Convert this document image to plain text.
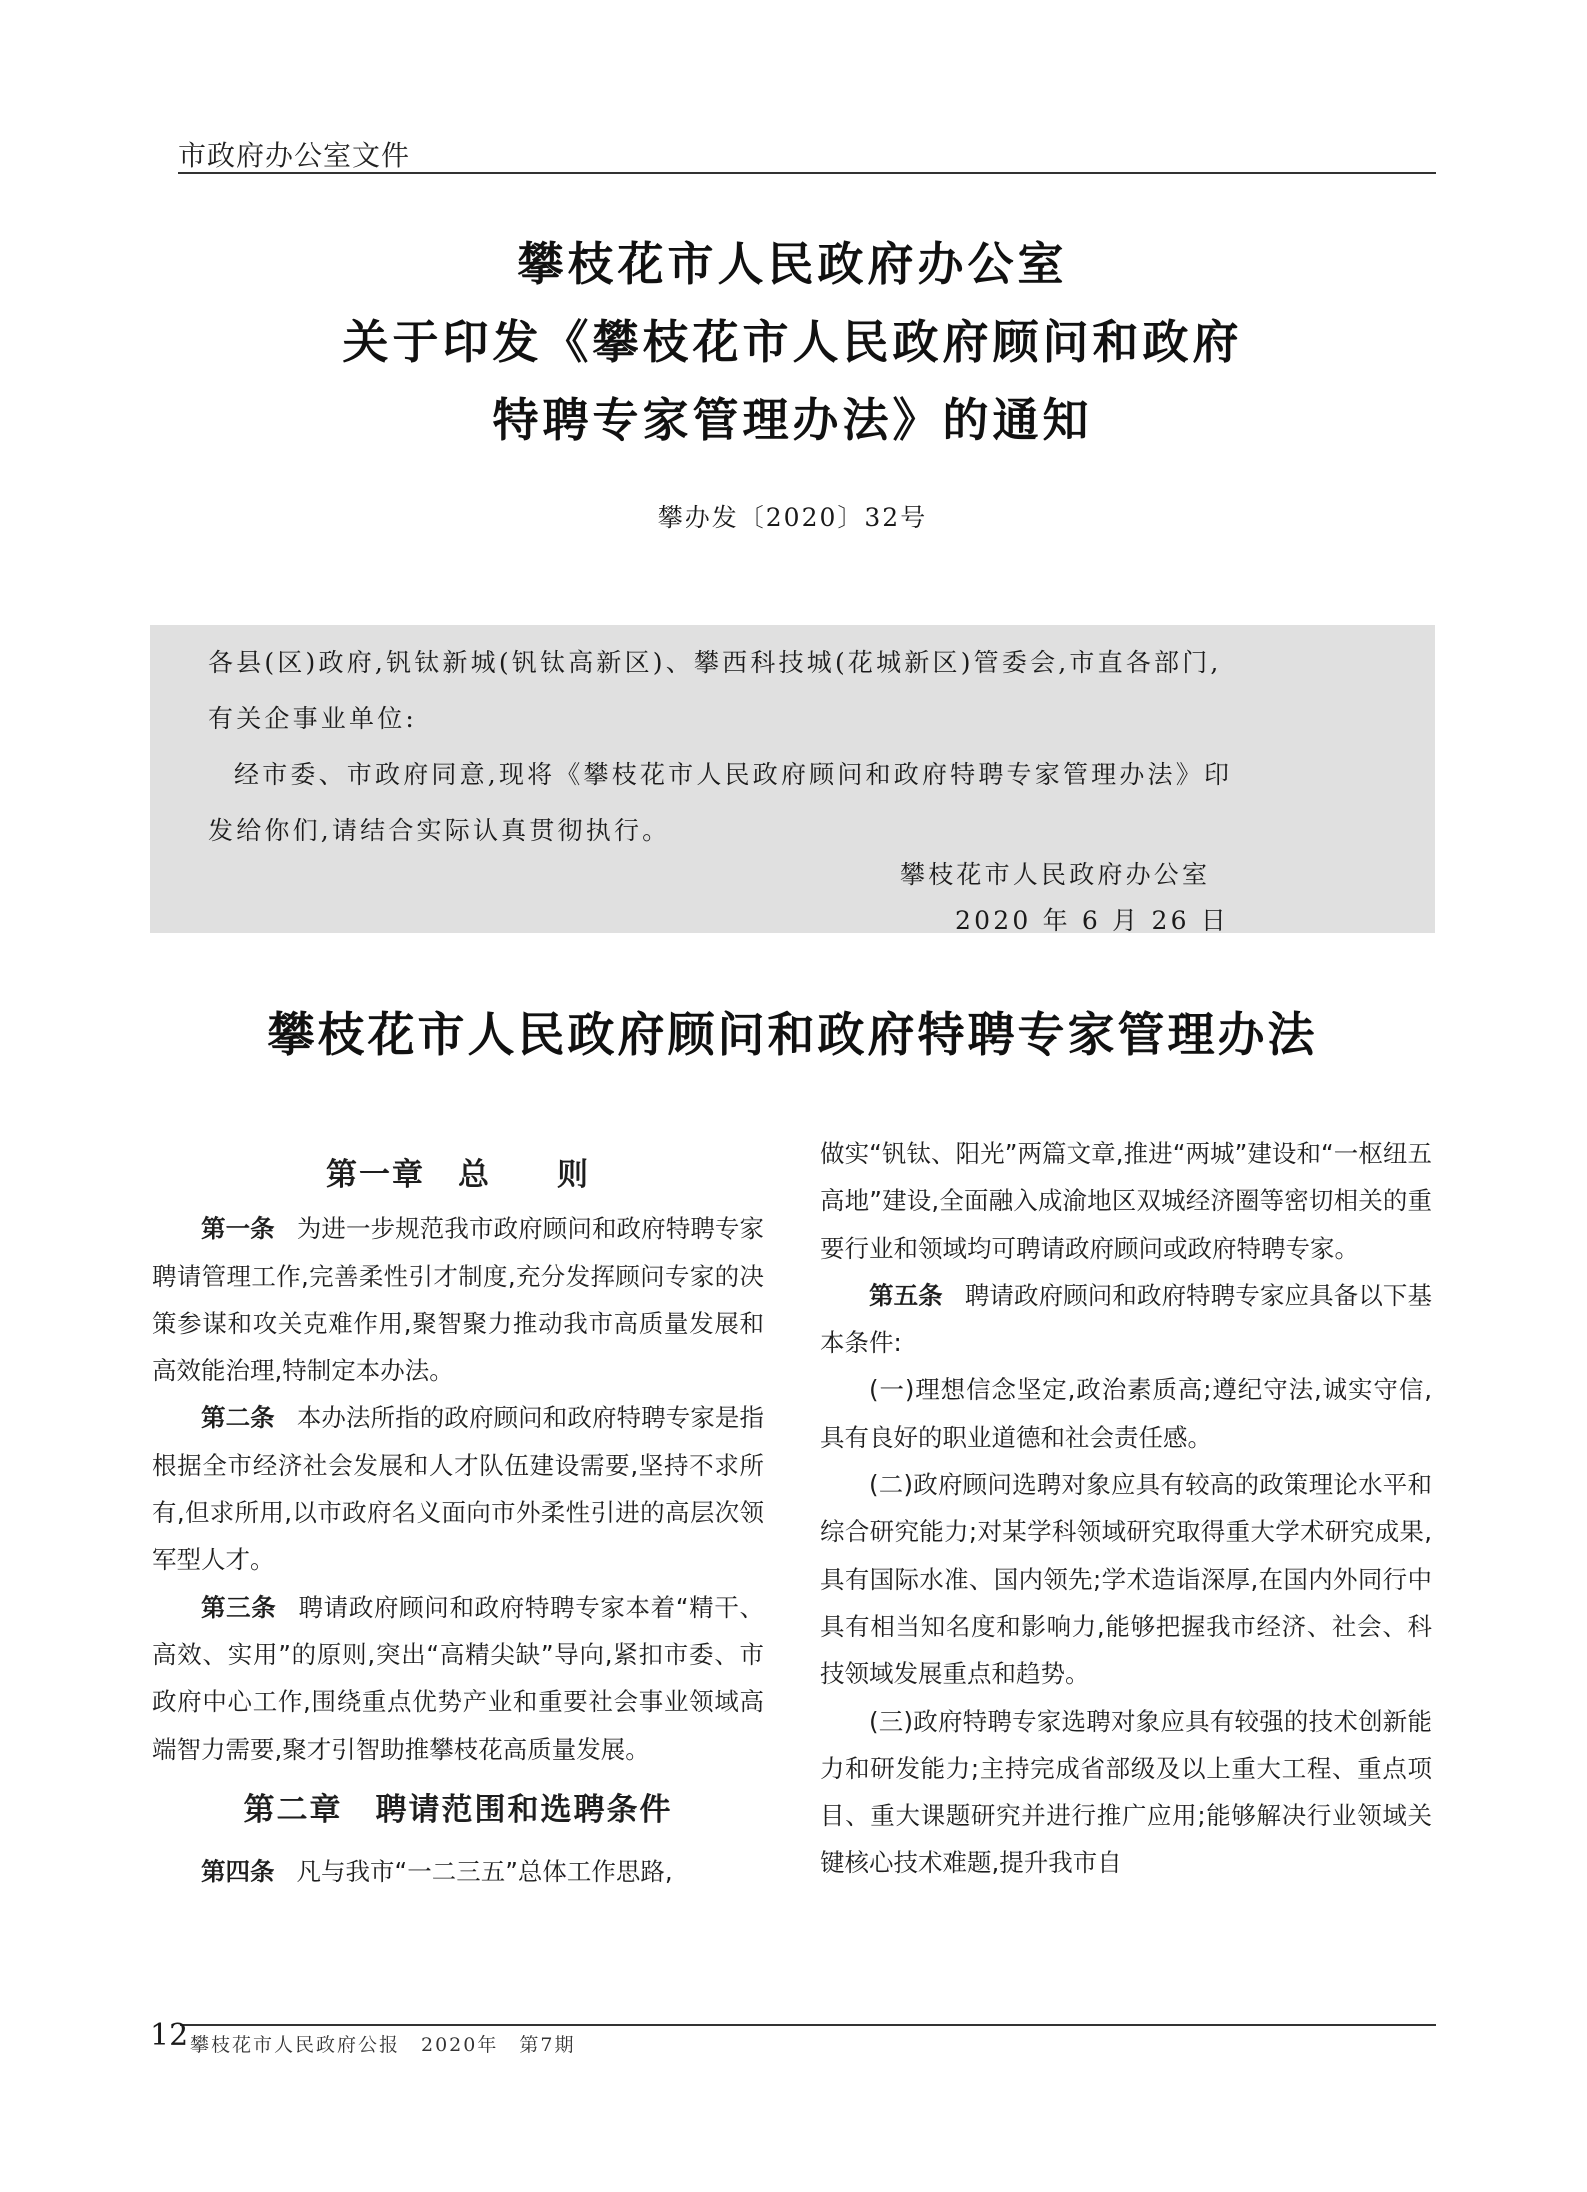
市政府办公室文件
攀枝花市人民政府办公室
关于印发《攀枝花市人民政府顾问和政府
特聘专家管理办法》的通知
攀办发〔2020〕32号

各县(区)政府,钒钛新城(钒钛高新区)、攀西科技城(花城新区)管委会,市直各部门,

有关企事业单位:

经市委、市政府同意,现将《攀枝花市人民政府顾问和政府特聘专家管理办法》印

发给你们,请结合实际认真贯彻执行。

攀枝花市人民政府办公室

2020 年 6 月 26 日

攀枝花市人民政府顾问和政府特聘专家管理办法

第一章　总　　则

第一条 为进一步规范我市政府顾问和政府特聘专家聘请管理工作,完善柔性引才制度,充分发挥顾问专家的决策参谋和攻关克难作用,聚智聚力推动我市高质量发展和高效能治理,特制定本办法。

第二条 本办法所指的政府顾问和政府特聘专家是指根据全市经济社会发展和人才队伍建设需要,坚持不求所有,但求所用,以市政府名义面向市外柔性引进的高层次领军型人才。

第三条 聘请政府顾问和政府特聘专家本着“精干、高效、实用”的原则,突出“高精尖缺”导向,紧扣市委、市政府中心工作,围绕重点优势产业和重要社会事业领域高端智力需要,聚才引智助推攀枝花高质量发展。

第二章　聘请范围和选聘条件

第四条 凡与我市“一二三五”总体工作思路,

做实“钒钛、阳光”两篇文章,推进“两城”建设和“一枢纽五高地”建设,全面融入成渝地区双城经济圈等密切相关的重要行业和领域均可聘请政府顾问或政府特聘专家。

第五条 聘请政府顾问和政府特聘专家应具备以下基本条件:

(一)理想信念坚定,政治素质高;遵纪守法,诚实守信,具有良好的职业道德和社会责任感。

(二)政府顾问选聘对象应具有较高的政策理论水平和综合研究能力;对某学科领域研究取得重大学术研究成果,具有国际水准、国内领先;学术造诣深厚,在国内外同行中具有相当知名度和影响力,能够把握我市经济、社会、科技领域发展重点和趋势。

(三)政府特聘专家选聘对象应具有较强的技术创新能力和研发能力;主持完成省部级及以上重大工程、重点项目、重大课题研究并进行推广应用;能够解决行业领域关键核心技术难题,提升我市自

12 攀枝花市人民政府公报　2020年　第7期
